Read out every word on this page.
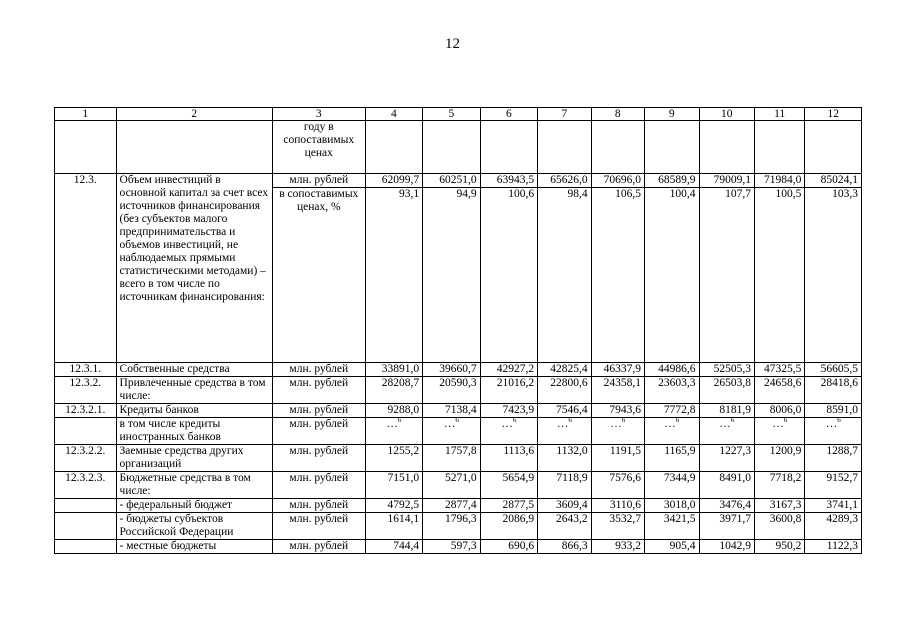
12
1	2	3	4	5	6	7	8	9	10	11	12
		году в сопоставимых ценах									
12.3.	Объем инвестиций в основной капитал за счет всех источников финансирования (без субъектов малого предпринимательства и объемов инвестиций, не наблюдаемых прямыми статистическими методами) – всего в том числе по источникам финансирования:	млн. рублей	62099,7	60251,0	63943,5	65626,0	70696,0	68589,9	79009,1	71984,0	85024,1
		в сопоставимых ценах, %	93,1	94,9	100,6	98,4	106,5	100,4	107,7	100,5	103,3
12.3.1.	Собственные средства	млн. рублей	33891,0	39660,7	42927,2	42825,4	46337,9	44986,6	52505,3	47325,5	56605,5
12.3.2.	Привлеченные средства в том числе:	млн. рублей	28208,7	20590,3	21016,2	22800,6	24358,1	23603,3	26503,8	24658,6	28418,6
12.3.2.1.	Кредиты банков	млн. рублей	9288,0	7138,4	7423,9	7546,4	7943,6	7772,8	8181,9	8006,0	8591,0
	в том числе кредиты иностранных банков	млн. рублей	…$^6$	…$^6$	…$^6$	…$^6$	…$^6$	…$^6$	…$^6$	…$^6$	…$^6$
12.3.2.2.	Заемные средства других организаций	млн. рублей	1255,2	1757,8	1113,6	1132,0	1191,5	1165,9	1227,3	1200,9	1288,7
12.3.2.3.	Бюджетные средства в том числе:	млн. рублей	7151,0	5271,0	5654,9	7118,9	7576,6	7344,9	8491,0	7718,2	9152,7
	- федеральный бюджет	млн. рублей	4792,5	2877,4	2877,5	3609,4	3110,6	3018,0	3476,4	3167,3	3741,1
	- бюджеты субъектов Российской Федерации	млн. рублей	1614,1	1796,3	2086,9	2643,2	3532,7	3421,5	3971,7	3600,8	4289,3
	- местные бюджеты	млн. рублей	744,4	597,3	690,6	866,3	933,2	905,4	1042,9	950,2	1122,3
